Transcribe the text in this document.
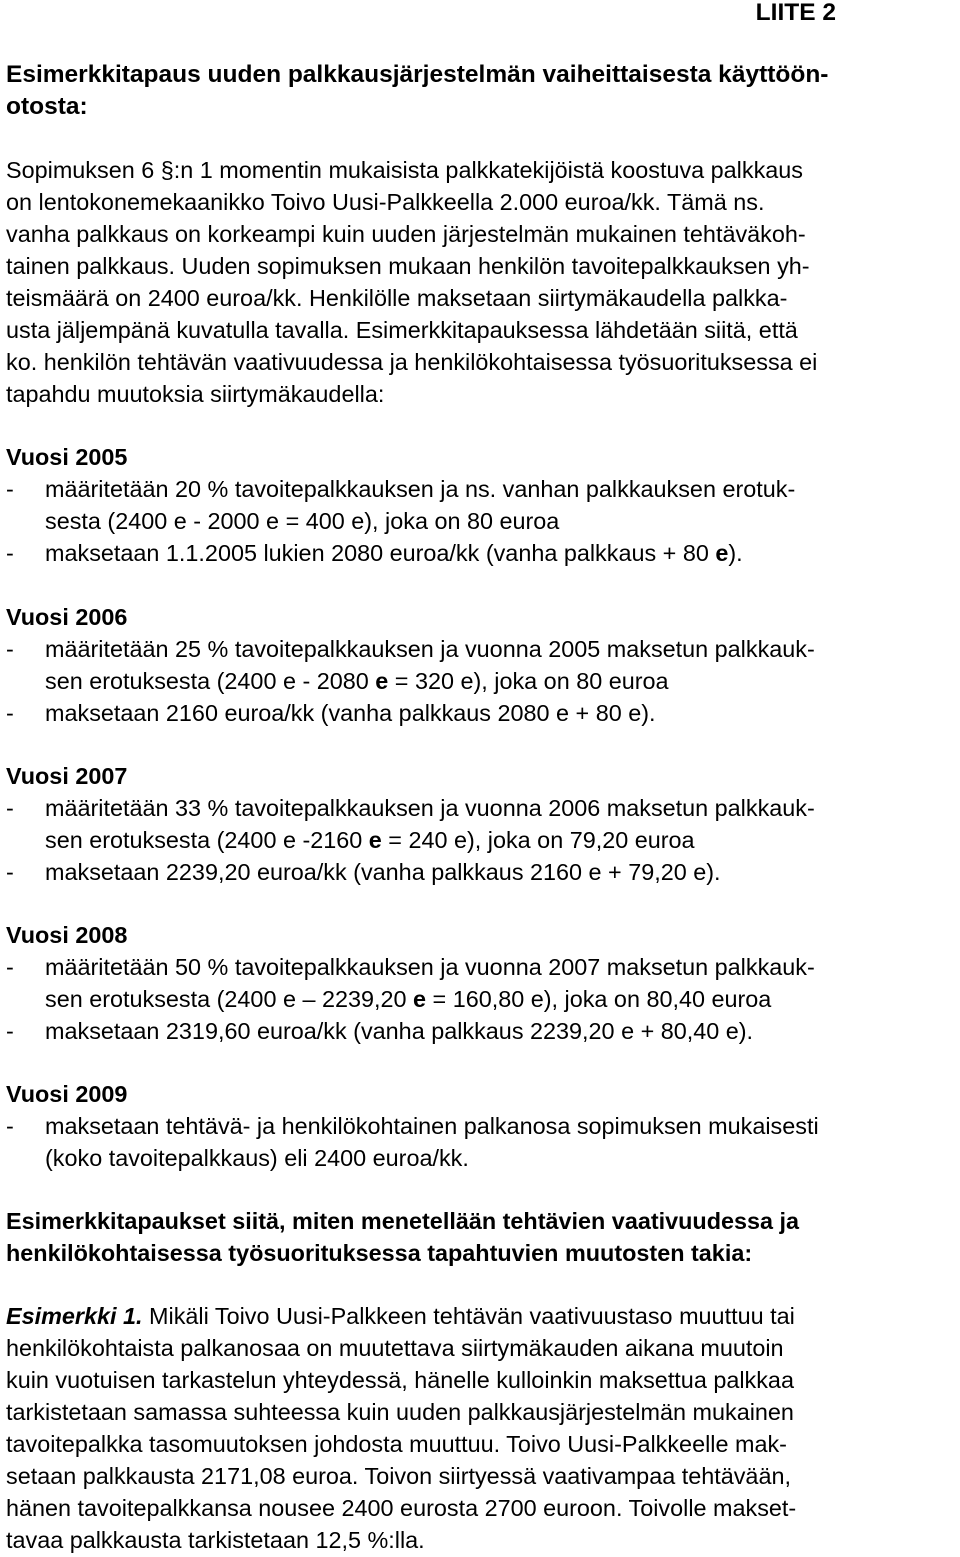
LIITE 2

Esimerkkitapaus uuden palkkausjärjestelmän vaiheittaisesta käyttöön-
otosta:

Sopimuksen 6 §:n 1 momentin mukaisista palkkatekijöistä koostuva palkkaus

on lentokonemekaanikko Toivo Uusi-Palkkeella 2.000 euroa/kk. Tämä ns.

vanha palkkaus on korkeampi kuin uuden järjestelmän mukainen tehtäväkoh-

tainen palkkaus. Uuden sopimuksen mukaan henkilön tavoitepalkkauksen yh-

teismäärä on 2400 euroa/kk. Henkilölle maksetaan siirtymäkaudella palkka-

usta jäljempänä kuvatulla tavalla. Esimerkkitapauksessa lähdetään siitä, että

ko. henkilön tehtävän vaativuudessa ja henkilökohtaisessa työsuorituksessa ei

tapahdu muutoksia siirtymäkaudella:

Vuosi 2005

- määritetään 20 % tavoitepalkkauksen ja ns. vanhan palkkauksen erotuk-
sesta (2400 e - 2000 e = 400 e), joka on 80 euroa
- maksetaan 1.1.2005 lukien 2080 euroa/kk (vanha palkkaus + 80 e).

Vuosi 2006

- määritetään 25 % tavoitepalkkauksen ja vuonna 2005 maksetun palkkauk-
sen erotuksesta (2400 e - 2080 e = 320 e), joka on 80 euroa
- maksetaan 2160 euroa/kk (vanha palkkaus 2080 e + 80 e).

Vuosi 2007

- määritetään 33 % tavoitepalkkauksen ja vuonna 2006 maksetun palkkauk-
sen erotuksesta (2400 e -2160 e = 240 e), joka on 79,20 euroa
- maksetaan 2239,20 euroa/kk (vanha palkkaus 2160 e + 79,20 e).

Vuosi 2008

- määritetään 50 % tavoitepalkkauksen ja vuonna 2007 maksetun palkkauk-
sen erotuksesta (2400 e – 2239,20 e = 160,80 e), joka on 80,40 euroa
- maksetaan 2319,60 euroa/kk (vanha palkkaus 2239,20 e + 80,40 e).

Vuosi 2009

- maksetaan tehtävä- ja henkilökohtainen palkanosa sopimuksen mukaisesti
(koko tavoitepalkkaus) eli 2400 euroa/kk.

Esimerkkitapaukset siitä, miten menetellään tehtävien vaativuudessa ja

henkilökohtaisessa työsuorituksessa tapahtuvien muutosten takia:

Esimerkki 1. Mikäli Toivo Uusi-Palkkeen tehtävän vaativuustaso muuttuu tai

henkilökohtaista palkanosaa on muutettava siirtymäkauden aikana muutoin

kuin vuotuisen tarkastelun yhteydessä, hänelle kulloinkin maksettua palkkaa

tarkistetaan samassa suhteessa kuin uuden palkkausjärjestelmän mukainen

tavoitepalkka tasomuutoksen johdosta muuttuu. Toivo Uusi-Palkkeelle mak-

setaan palkkausta 2171,08 euroa. Toivon siirtyessä vaativampaa tehtävään,

hänen tavoitepalkkansa nousee 2400 eurosta 2700 euroon. Toivolle makset-

tavaa palkkausta tarkistetaan 12,5 %:lla.
